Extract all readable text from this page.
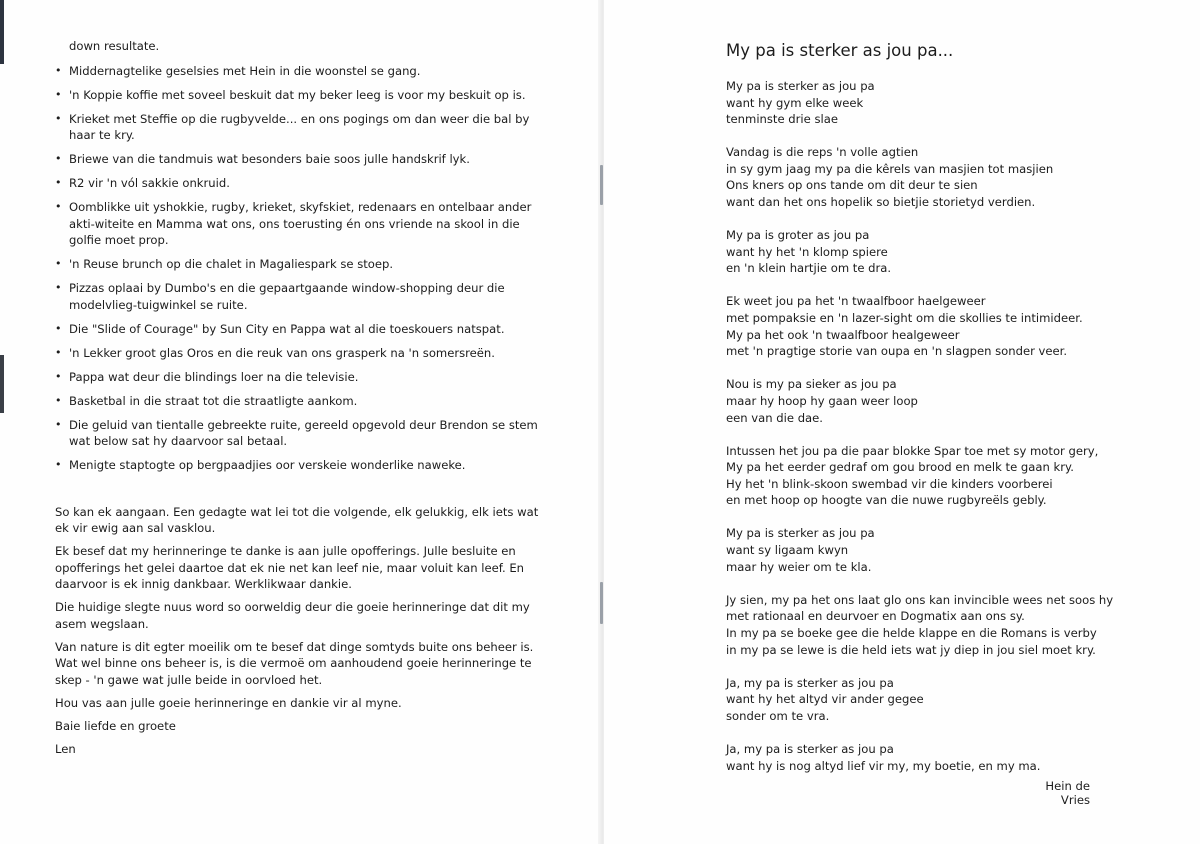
down resultate.
• Middernagtelike geselsies met Hein in die woonstel se gang.
• 'n Koppie koffie met soveel beskuit dat my beker leeg is voor my beskuit op is.
• Krieket met Steffie op die rugbyvelde... en ons pogings om dan weer die bal by haar te kry.
• Briewe van die tandmuis wat besonders baie soos julle handskrif lyk.
• R2 vir 'n vól sakkie onkruid.
• Oomblikke uit yshokkie, rugby, krieket, skyfskiet, redenaars en ontelbaar ander akti-witeite en Mamma wat ons, ons toerusting én ons vriende na skool in die golfie moet prop.
• 'n Reuse brunch op die chalet in Magaliespark se stoep.
• Pizzas oplaai by Dumbo's en die gepaartgaande window-shopping deur die modelvlieg-tuigwinkel se ruite.
• Die "Slide of Courage" by Sun City en Pappa wat al die toeskouers natspat.
• 'n Lekker groot glas Oros en die reuk van ons grasperk na 'n somersreën.
• Pappa wat deur die blindings loer na die televisie.
• Basketbal in die straat tot die straatligte aankom.
• Die geluid van tientalle gebreekte ruite, gereeld opgevold deur Brendon se stem wat below sat hy daarvoor sal betaal.
• Menigte staptogte op bergpaadjies oor verskeie wonderlike naweke.

So kan ek aangaan. Een gedagte wat lei tot die volgende, elk gelukkig, elk iets wat ek vir ewig aan sal vasklou.

Ek besef dat my herinneringe te danke is aan julle opofferings. Julle besluite en opofferings het gelei daartoe dat ek nie net kan leef nie, maar voluit kan leef. En daarvoor is ek innig dankbaar. Werklikwaar dankie.

Die huidige slegte nuus word so oorweldig deur die goeie herinneringe dat dit my asem wegslaan.

Van nature is dit egter moeilik om te besef dat dinge somtyds buite ons beheer is. Wat wel binne ons beheer is, is die vermoë om aanhoudend goeie herinneringe te skep - 'n gawe wat julle beide in oorvloed het.

Hou vas aan julle goeie herinneringe en dankie vir al myne.

Baie liefde en groete

Len

My pa is sterker as jou pa...
My pa is sterker as jou pa
want hy gym elke week
tenminste drie slae
Vandag is die reps 'n volle agtien
in sy gym jaag my pa die kêrels van masjien tot masjien
Ons kners op ons tande om dit deur te sien
want dan het ons hopelik so bietjie storietyd verdien.
My pa is groter as jou pa
want hy het 'n klomp spiere
en 'n klein hartjie om te dra.
Ek weet jou pa het 'n twaalfboor haelgeweer
met pompaksie en 'n lazer-sight om die skollies te intimideer.
My pa het ook 'n twaalfboor healgeweer
met 'n pragtige storie van oupa en 'n slagpen sonder veer.
Nou is my pa sieker as jou pa
maar hy hoop hy gaan weer loop
een van die dae.
Intussen het jou pa die paar blokke Spar toe met sy motor gery,
My pa het eerder gedraf om gou brood en melk te gaan kry.
Hy het 'n blink-skoon swembad vir die kinders voorberei
en met hoop op hoogte van die nuwe rugbyreëls gebly.
My pa is sterker as jou pa
want sy ligaam kwyn
maar hy weier om te kla.
Jy sien, my pa het ons laat glo ons kan invincible wees net soos hy
met rationaal en deurvoer en Dogmatix aan ons sy.
In my pa se boeke gee die helde klappe en die Romans is verby
in my pa se lewe is die held iets wat jy diep in jou siel moet kry.
Ja, my pa is sterker as jou pa
want hy het altyd vir ander gegee
sonder om te vra.
Ja, my pa is sterker as jou pa
want hy is nog altyd lief vir my, my boetie, en my ma.
Hein de Vries
